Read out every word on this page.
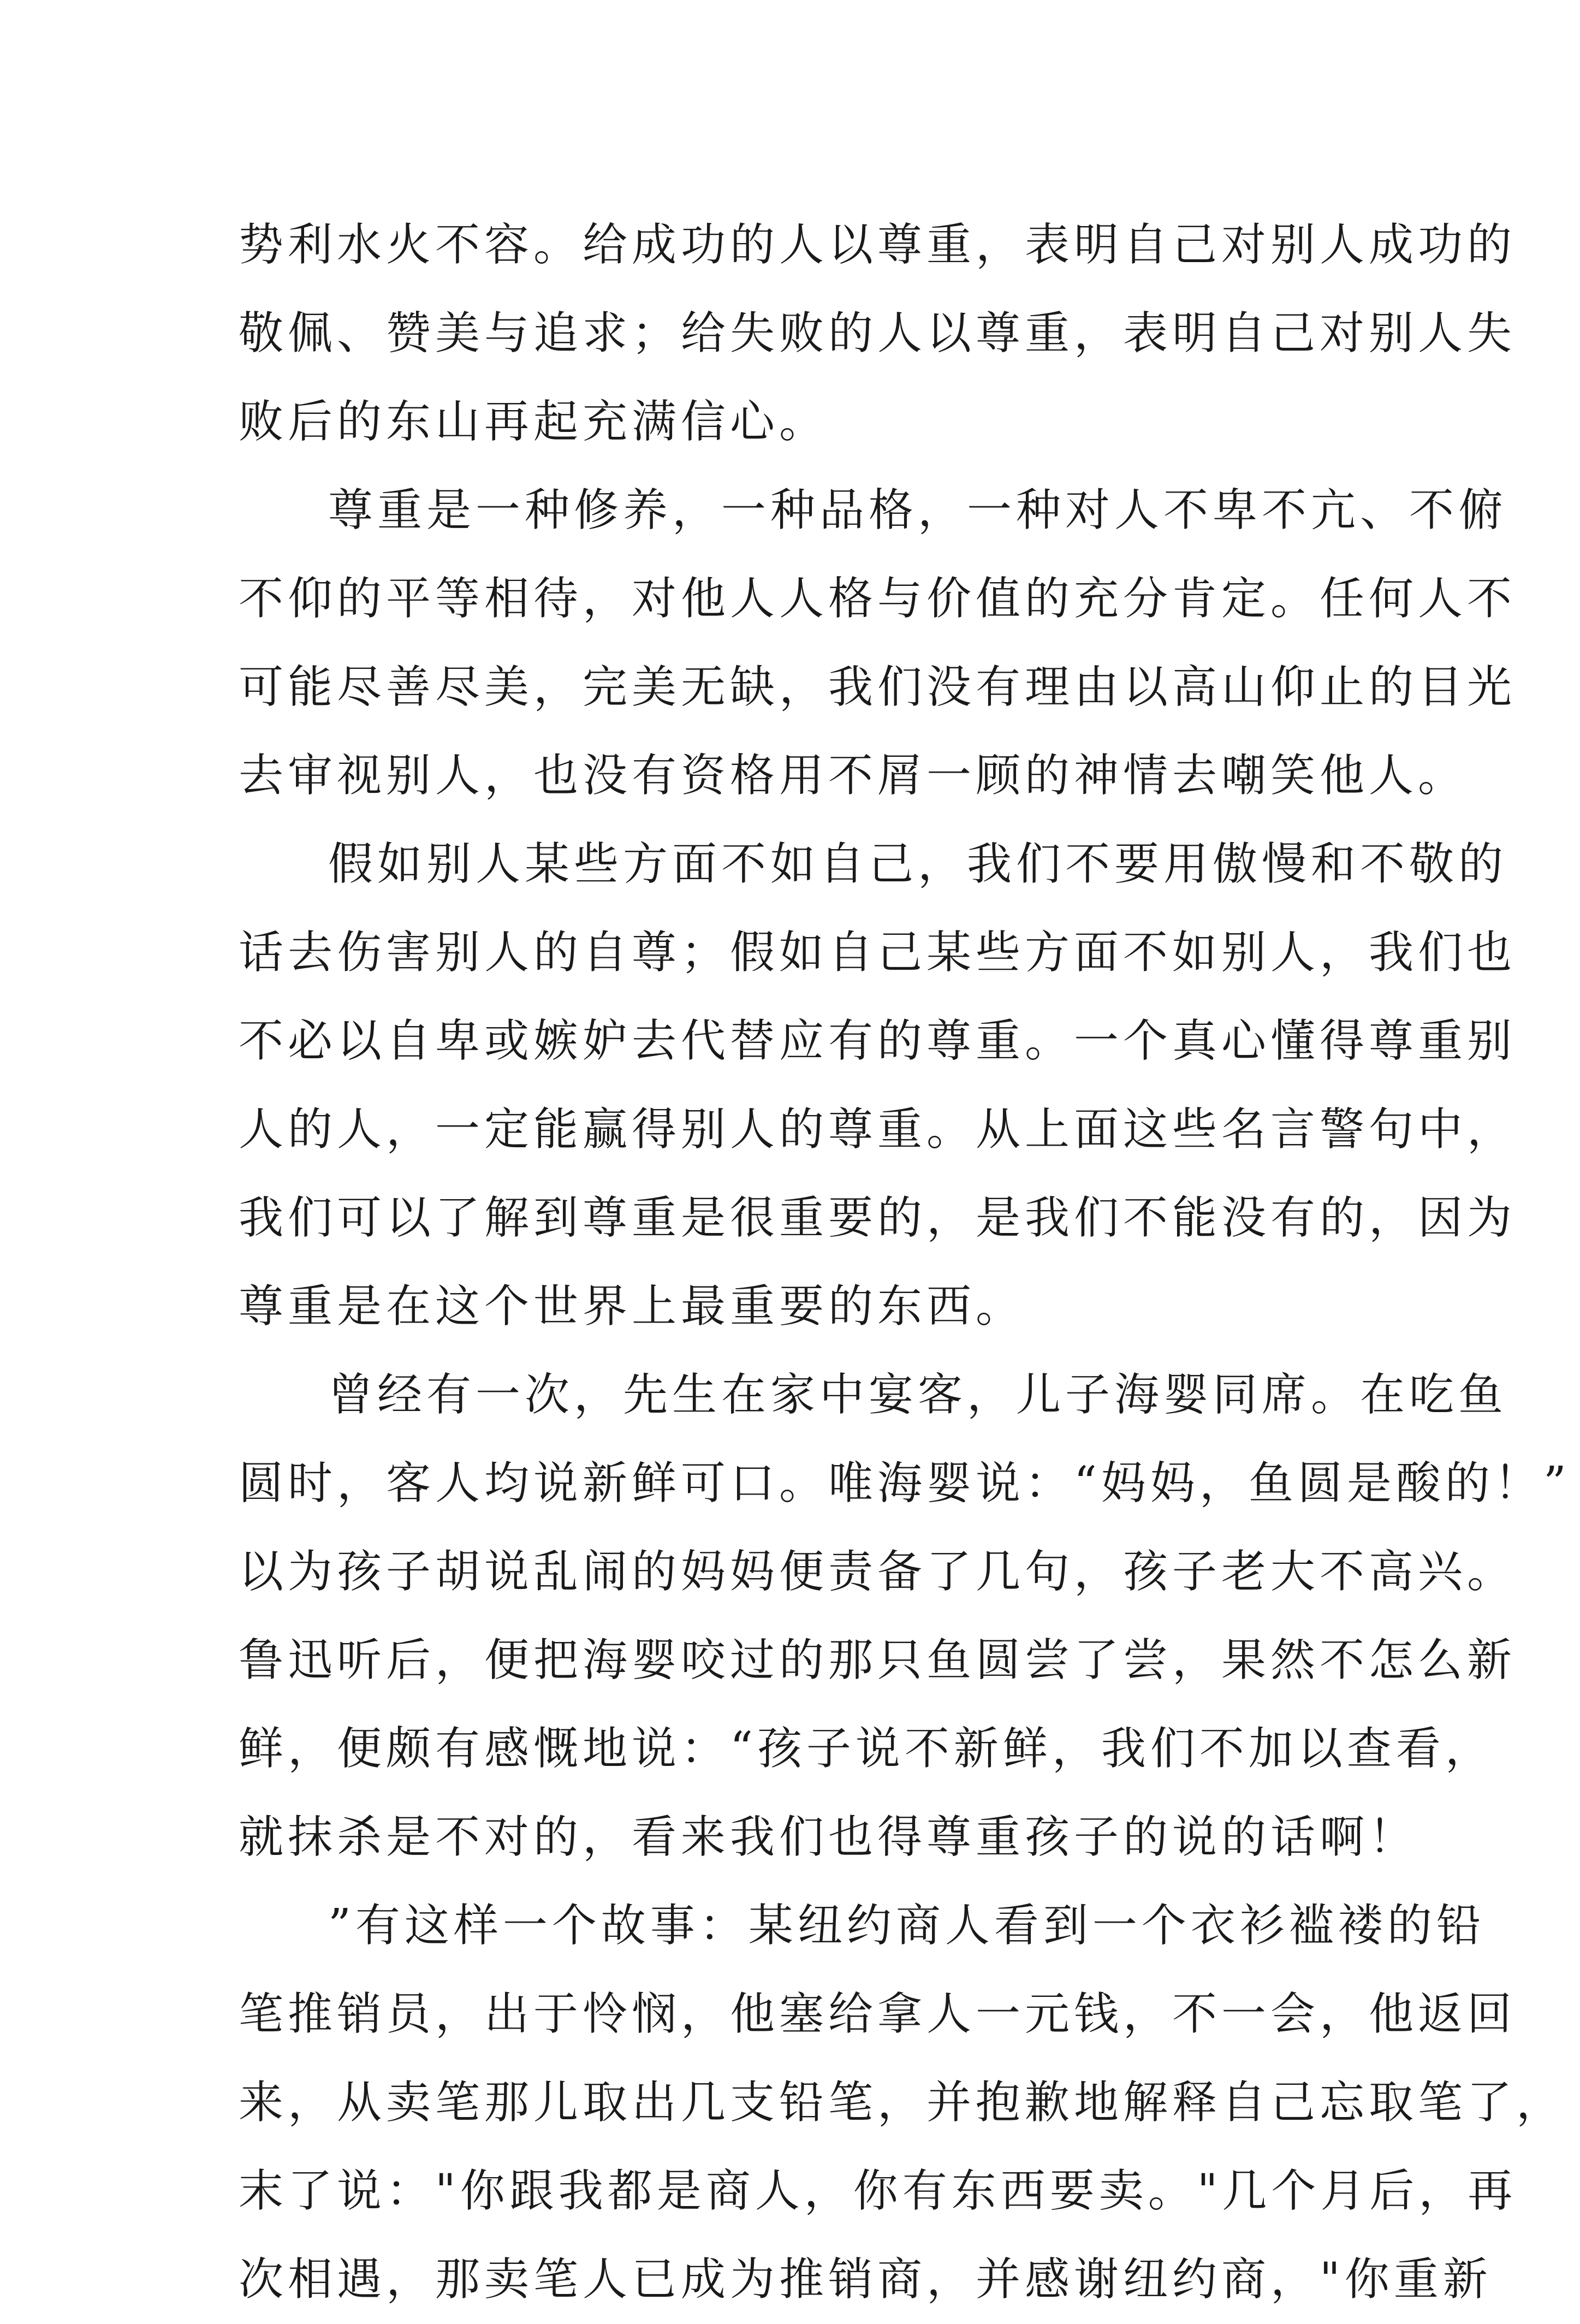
势利水火不容。给成功的人以尊重，表明自己对别人成功的
敬佩、赞美与追求；给失败的人以尊重，表明自己对别人失
败后的东山再起充满信心。

尊重是一种修养，一种品格，一种对人不卑不亢、不俯
不仰的平等相待，对他人人格与价值的充分肯定。任何人不
可能尽善尽美，完美无缺，我们没有理由以高山仰止的目光
去审视别人，也没有资格用不屑一顾的神情去嘲笑他人。

假如别人某些方面不如自己，我们不要用傲慢和不敬的
话去伤害别人的自尊；假如自己某些方面不如别人，我们也
不必以自卑或嫉妒去代替应有的尊重。一个真心懂得尊重别
人的人，一定能赢得别人的尊重。从上面这些名言警句中，
我们可以了解到尊重是很重要的，是我们不能没有的，因为
尊重是在这个世界上最重要的东西。

曾经有一次，先生在家中宴客，儿子海婴同席。在吃鱼
圆时，客人均说新鲜可口。唯海婴说：“妈妈，鱼圆是酸的！”
以为孩子胡说乱闹的妈妈便责备了几句，孩子老大不高兴。
鲁迅听后，便把海婴咬过的那只鱼圆尝了尝，果然不怎么新
鲜，便颇有感慨地说：“孩子说不新鲜，我们不加以查看，
就抹杀是不对的，看来我们也得尊重孩子的说的话啊！

”有这样一个故事：某纽约商人看到一个衣衫褴褛的铅
笔推销员，出于怜悯，他塞给拿人一元钱，不一会，他返回
来，从卖笔那儿取出几支铅笔，并抱歉地解释自己忘取笔了，
末了说："你跟我都是商人，你有东西要卖。"几个月后，再
次相遇，那卖笔人已成为推销商，并感谢纽约商，"你重新
